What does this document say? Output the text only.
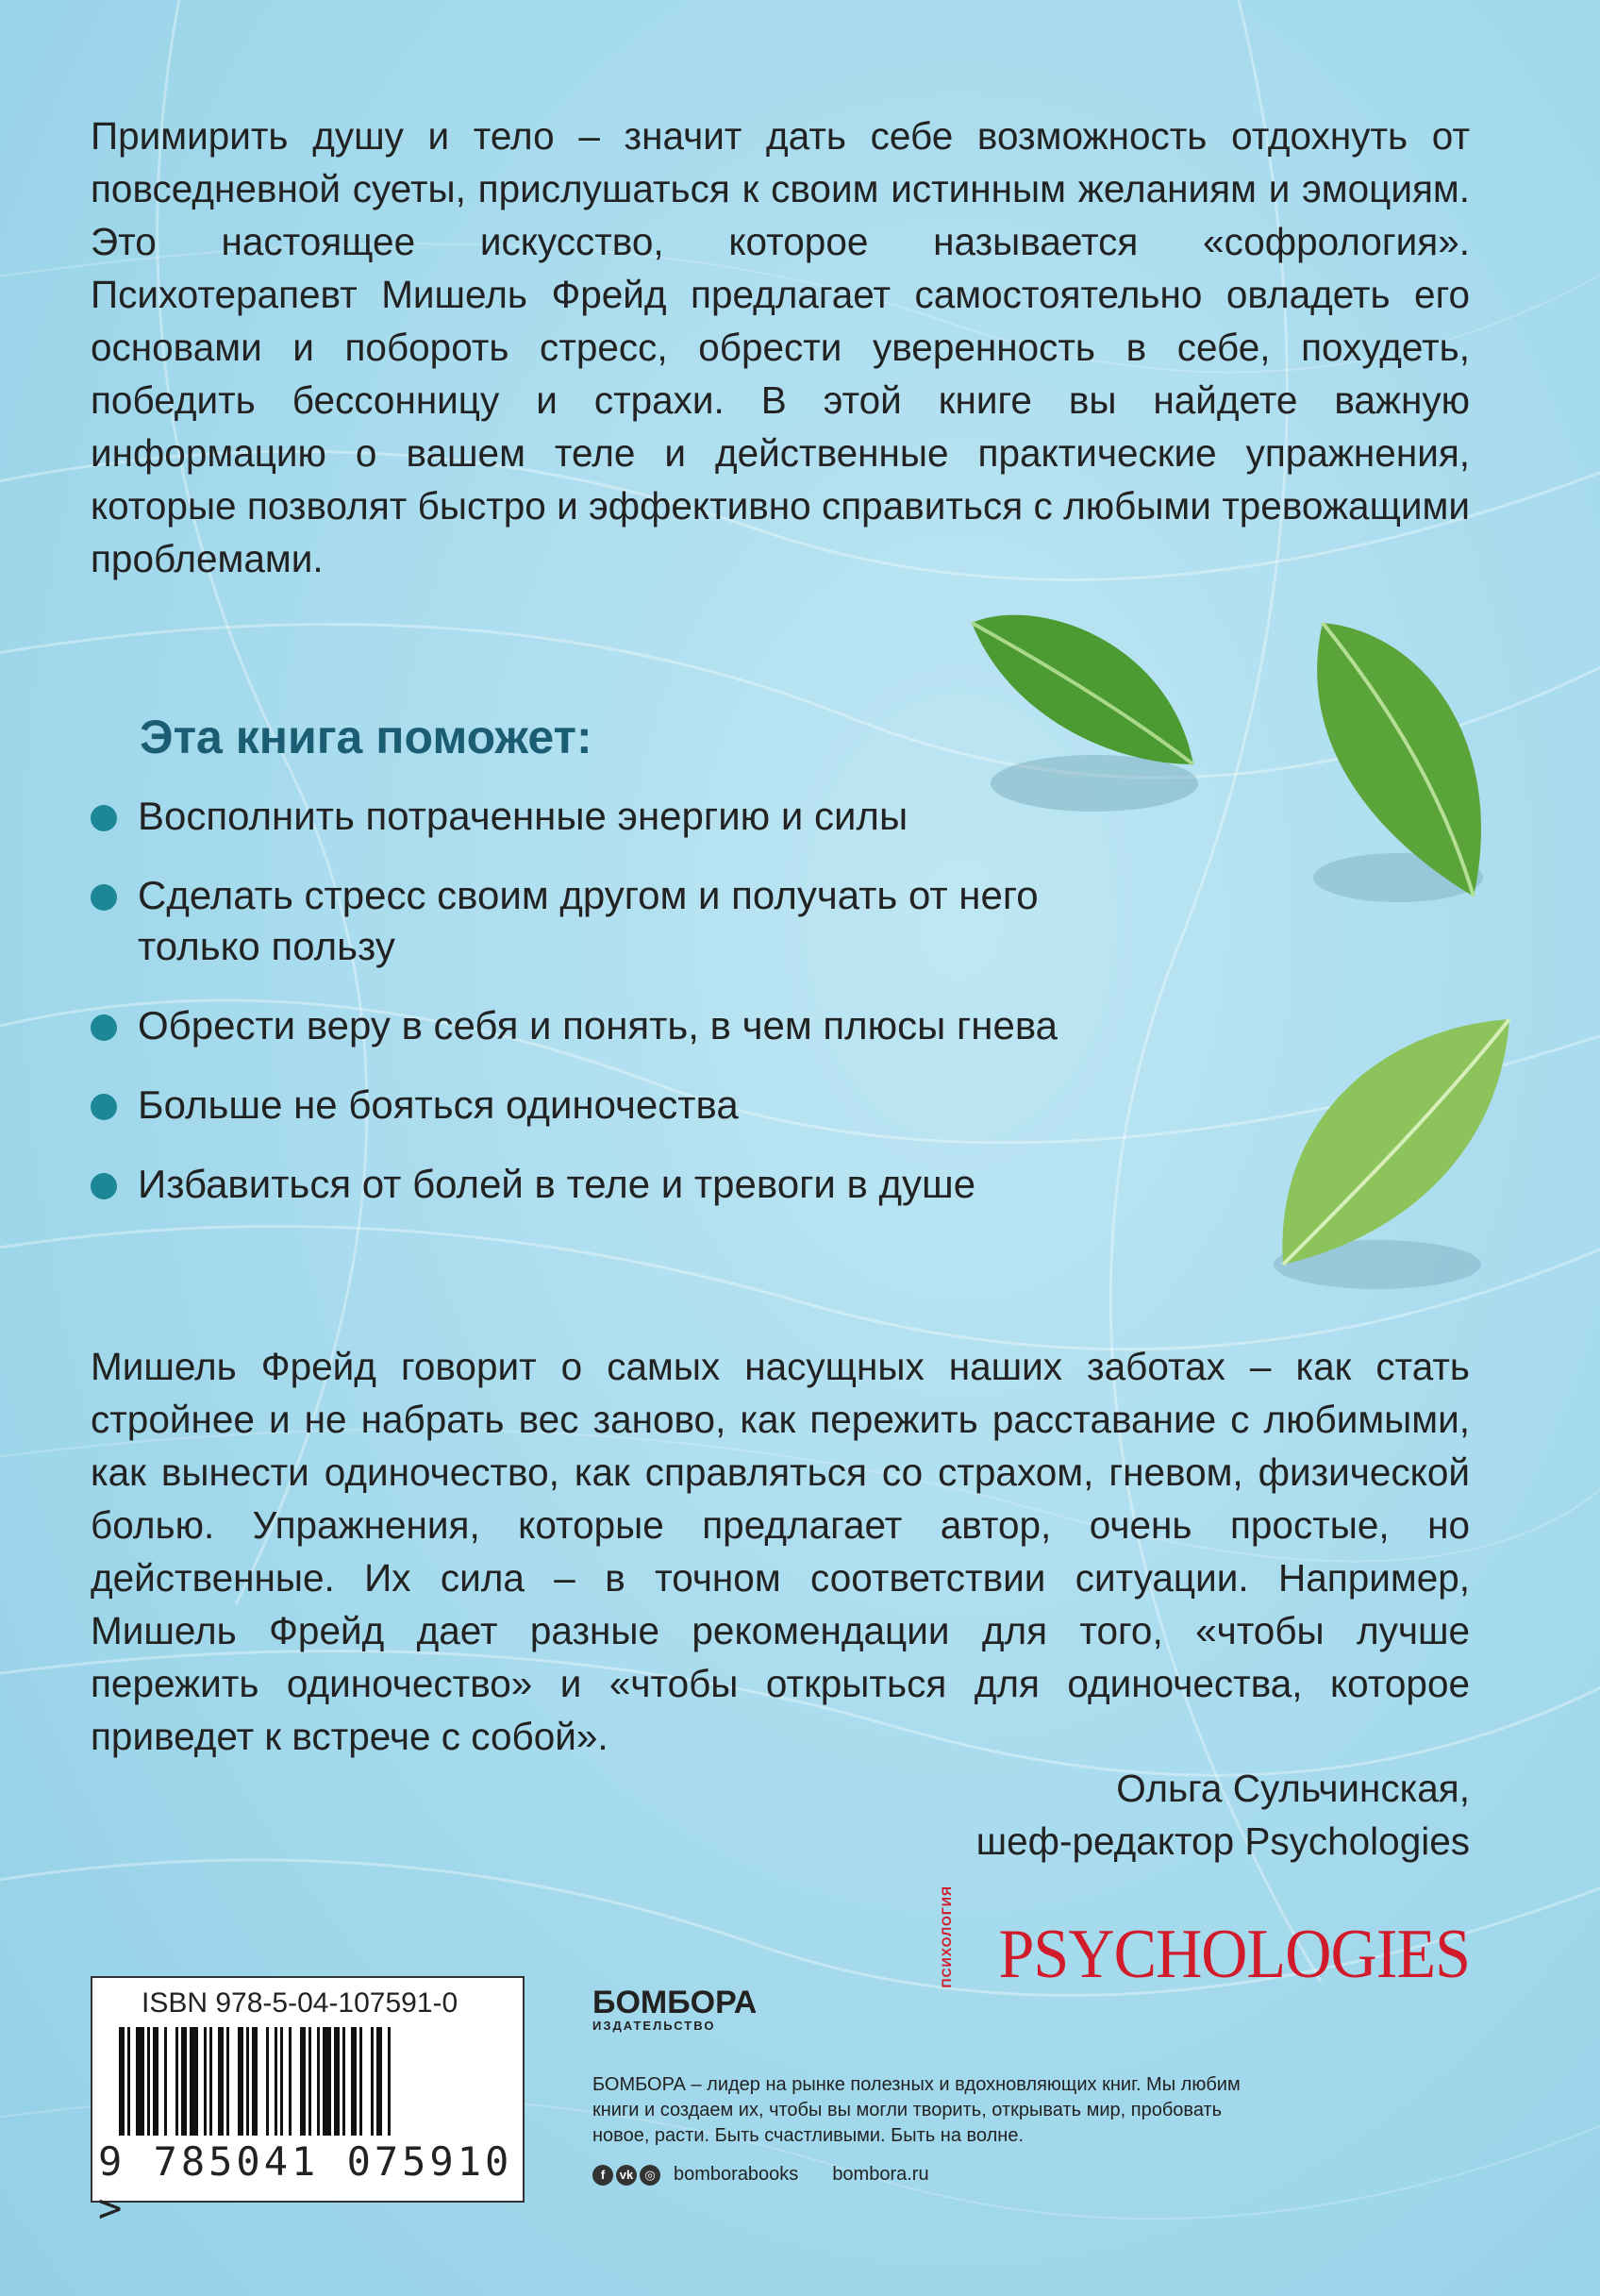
Примирить душу и тело – значит дать себе возможность отдохнуть от повседневной суеты, прислушаться к своим истинным желаниям и эмоциям. Это настоящее искусство, которое называется «софрология». Психотерапевт Мишель Фрейд предлагает самостоятельно овладеть его основами и побороть стресс, обрести уверенность в себе, похудеть, победить бессонницу и страхи. В этой книге вы найдете важную информацию о вашем теле и действенные практические упражнения, которые позволят быстро и эффективно справиться с любыми тревожащими проблемами.

Эта книга поможет:
Восполнить потраченные энергию и силы
Сделать стресс своим другом и получать от него только пользу
Обрести веру в себя и понять, в чем плюсы гнева
Больше не бояться одиночества
Избавиться от болей в теле и тревоги в душе

Мишель Фрейд говорит о самых насущных наших заботах – как стать стройнее и не набрать вес заново, как пережить расставание с любимыми, как вынести одиночество, как справляться со страхом, гневом, физической болью. Упражнения, которые предлагает автор, очень простые, но действенные. Их сила – в точном соответствии ситуации. Например, Мишель Фрейд дает разные рекомендации для того, «чтобы лучше пережить одиночество» и «чтобы открыться для одиночества, которое приведет к встрече с собой».

Ольга Сульчинская,
шеф-редактор Psychologies
ПСИХОЛОГИЯ PSYCHOLOGIES
ISBN 978-5-04-107591-0
9 785041 075910 >
БОМБОРА
ИЗДАТЕЛЬСТВО
БОМБОРА – лидер на рынке полезных и вдохновляющих книг. Мы любим книги и создаем их, чтобы вы могли творить, открывать мир, пробовать новое, расти. Быть счастливыми. Быть на волне.
f	vk ◎ bomborabooks bombora.ru
